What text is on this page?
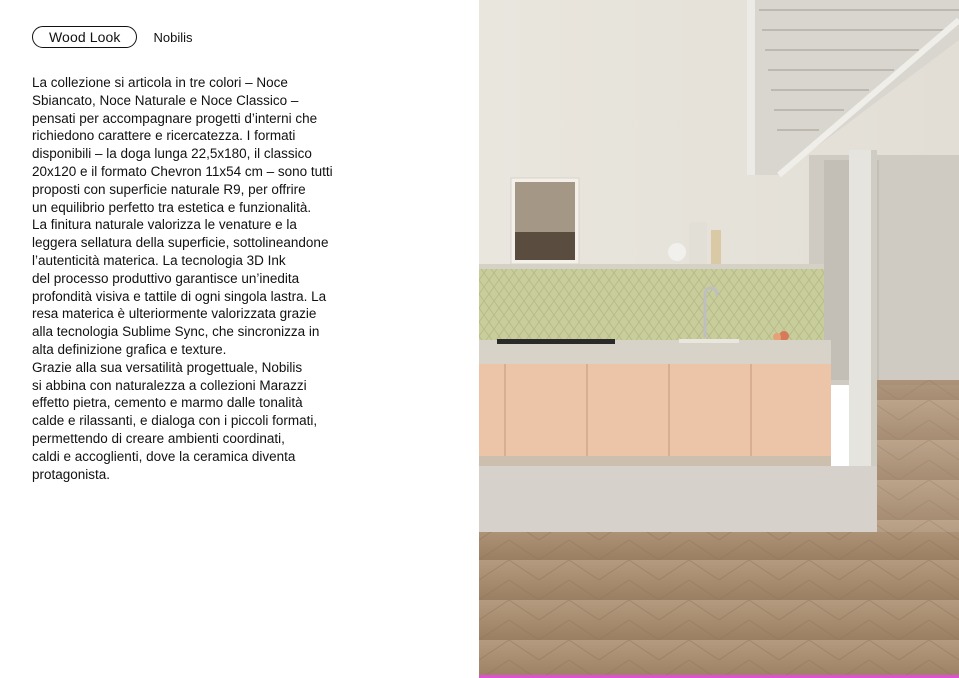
Wood Look	Nobilis
La collezione si articola in tre colori – Noce
Sbiancato, Noce Naturale e Noce Classico –
pensati per accompagnare progetti d’interni che
richiedono carattere e ricercatezza. I formati
disponibili – la doga lunga 22,5x180, il classico
20x120 e il formato Chevron 11x54 cm – sono tutti
proposti con superficie naturale R9, per offrire
un equilibrio perfetto tra estetica e funzionalità.
La finitura naturale valorizza le venature e la
leggera sellatura della superficie, sottolineandone
l’autenticità materica. La tecnologia 3D Ink
del processo produttivo garantisce un’inedita
profondità visiva e tattile di ogni singola lastra. La
resa materica è ulteriormente valorizzata grazie
alla tecnologia Sublime Sync, che sincronizza in
alta definizione grafica e texture.
Grazie alla sua versatilità progettuale, Nobilis
si abbina con naturalezza a collezioni Marazzi
effetto pietra, cemento e marmo dalle tonalità
calde e rilassanti, e dialoga con i piccoli formati,
permettendo di creare ambienti coordinati,
caldi e accoglienti, dove la ceramica diventa
protagonista.
